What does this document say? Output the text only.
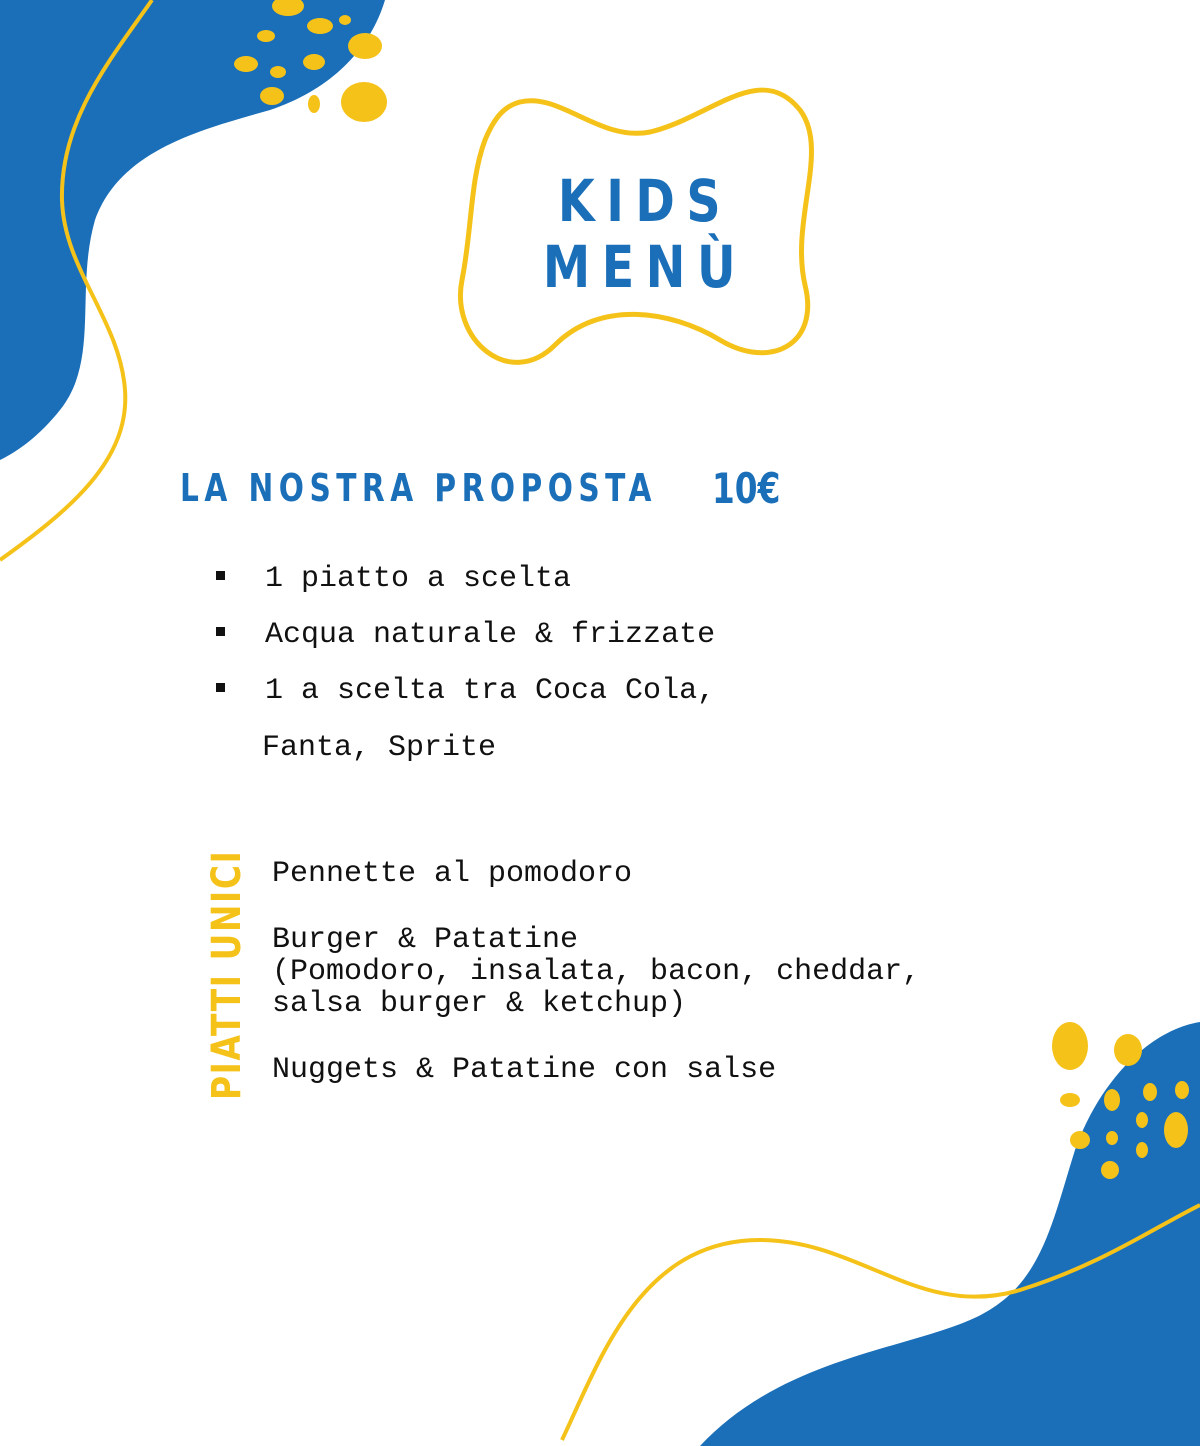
KIDS
MENÙ
LA NOSTRA PROPOSTA 10€
1 piatto a scelta
Acqua naturale & frizzate
1 a scelta tra Coca Cola,
Fanta, Sprite
PIATTI UNICI Pennette al pomodoro
Burger & Patatine
(Pomodoro, insalata, bacon, cheddar,
salsa burger & ketchup)
Nuggets & Patatine con salse
